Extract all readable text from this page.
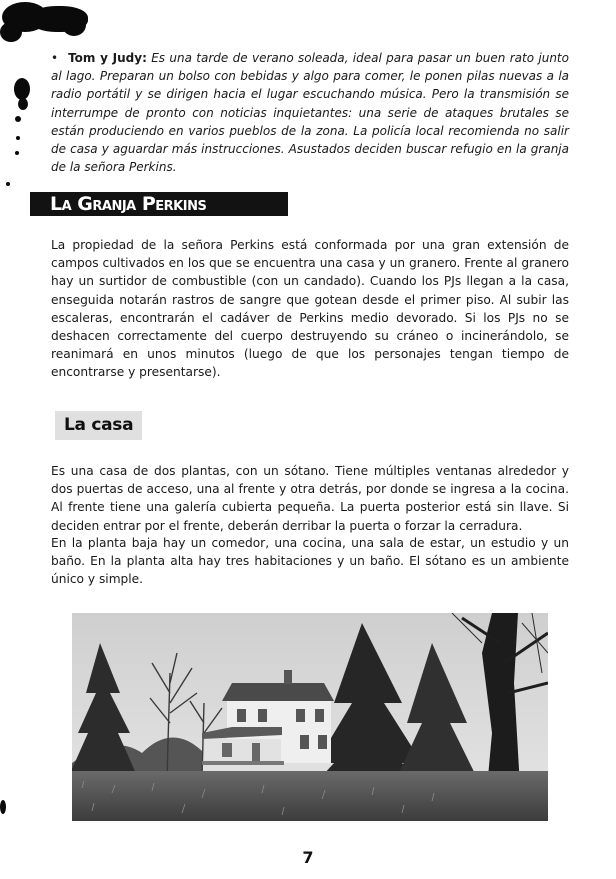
• Tom y Judy: Es una tarde de verano soleada, ideal para pasar un buen rato junto al lago. Preparan un bolso con bebidas y algo para comer, le ponen pilas nuevas a la radio portátil y se dirigen hacia el lugar escuchando música. Pero la transmisión se interrumpe de pronto con noticias inquietantes: una serie de ataques brutales se están produciendo en varios pueblos de la zona. La policía local recomienda no salir de casa y aguardar más instrucciones. Asustados deciden buscar refugio en la granja de la señora Perkins.

La Granja Perkins

La propiedad de la señora Perkins está conformada por una gran extensión de campos cultivados en los que se encuentra una casa y un granero. Frente al granero hay un surtidor de combustible (con un candado). Cuando los PJs llegan a la casa, enseguida notarán rastros de sangre que gotean desde el primer piso. Al subir las escaleras, encontrarán el cadáver de Perkins medio devorado. Si los PJs no se deshacen correctamente del cuerpo destruyendo su cráneo o incinerándolo, se reanimará en unos minutos (luego de que los personajes tengan tiempo de encontrarse y presentarse).

La casa

Es una casa de dos plantas, con un sótano. Tiene múltiples ventanas alrededor y dos puertas de acceso, una al frente y otra detrás, por donde se ingresa a la cocina. Al frente tiene una galería cubierta pequeña. La puerta posterior está sin llave. Si deciden entrar por el frente, deberán derribar la puerta o forzar la cerradura.

En la planta baja hay un comedor, una cocina, una sala de estar, un estudio y un baño. En la planta alta hay tres habitaciones y un baño. El sótano es un ambiente único y simple.

7
